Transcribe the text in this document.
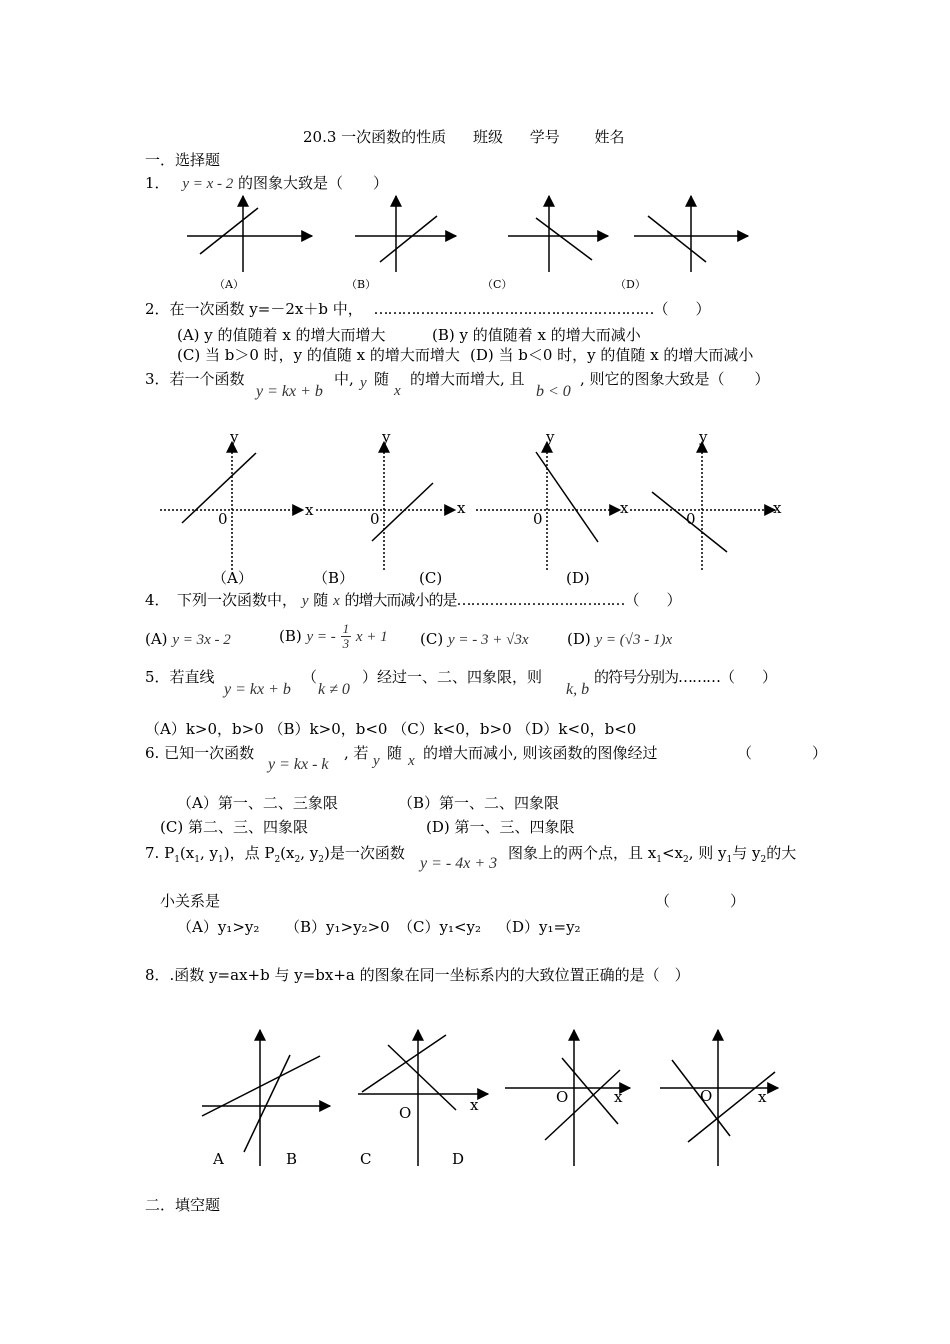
20.3 一次函数的性质 班级 学号 姓名
一．选择题
1． y = x - 2 的图象大致是（　　）
（A）	（B）	（C）	（D）
2．在一次函数 y=－2x＋b 中， ……………………………………………………（　　）
(A) y 的值随着 x 的增大而增大	(B) y 的值随着 x 的增大而减小
(C) 当 b＞0 时，y 的值随 x 的增大而增大 (D) 当 b＜0 时，y 的值随 x 的增大而减小
3．若一个函数
y = kx + b
中, y 随
x
的增大而增大, 且
b < 0
, 则它的图象大致是（　　）
y
0
y
x	0
x
y
0
x
y
0
x
（A）	（B）	(C)	(D)
4．　下列一次函数中， y 随 x 的增大而减小的是………………………………（　　）
(A) y = 3x - 2	(B) y = - $\frac{1}{3}$ x + 1 (C) y = - 3 + √3x	(D) y = (√3 - 1)x
5．若直线
y = kx + b
（
k ≠ 0
）经过一、二、四象限，则
k, b
的符号分别为………（　　）
（A）k>0，b>0 （B）k>0，b<0 （C）k<0，b>0 （D）k<0，b<0
6. 已知一次函数
y = kx - k
, 若 y 随 x 的增大而减小, 则该函数的图像经过	（　　　　）
（A）第一、二、三象限	（B）第一、二、四象限
(C) 第二、三、四象限	(D) 第一、三、四象限
7. $P_1(x_1$, $y_1$)，点 $P_2(x_2$, $y_2$)是一次函数
y = - 4x + 3
图象上的两个点，且 $x_1<x_2$, 则 $y_1$与 $y_2$的大
小关系是	（　　　　）
（A）y₁>y₂ （B）y₁>y₂>0 （C）y₁<y₂ （D）y₁=y₂
8．.函数 y=ax+b 与 y=bx+a 的图象在同一坐标系内的大致位置正确的是（　）
O	x	O	x	O	x
A	B	C	D
二．填空题
